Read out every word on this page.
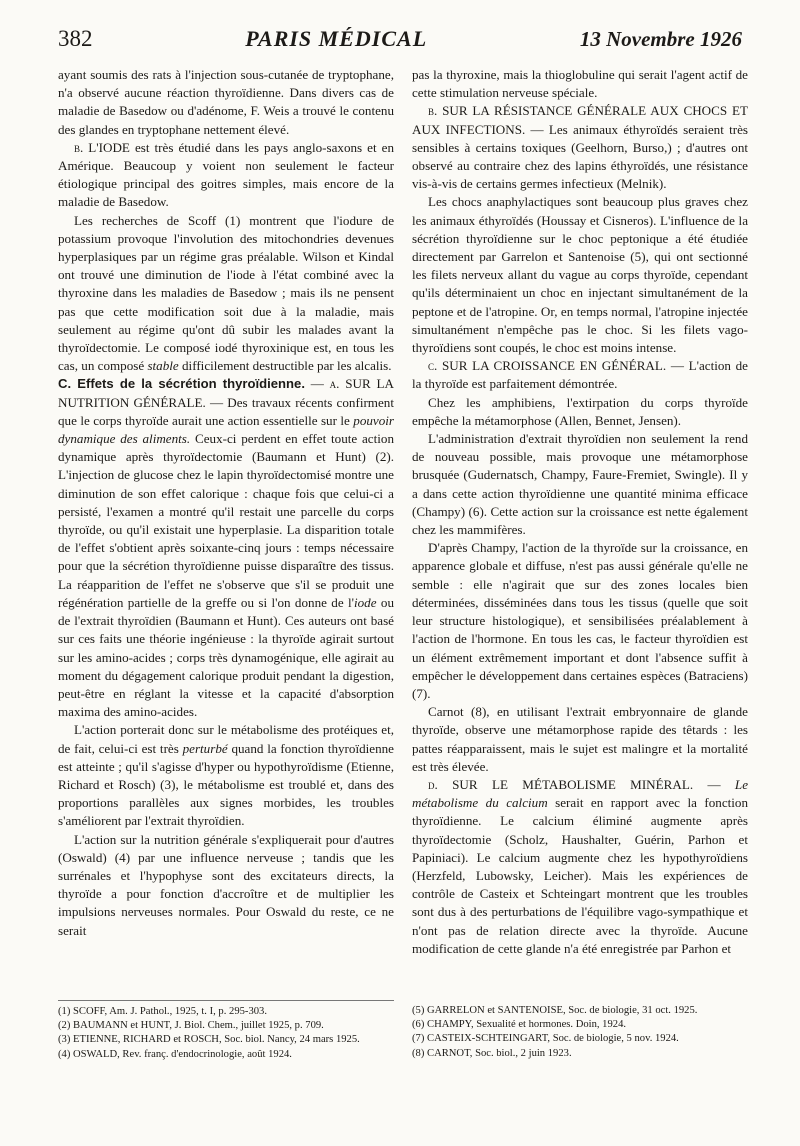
382	PARIS MÉDICAL	13 Novembre 1926

ayant soumis des rats à l'injection sous-cutanée de tryptophane, n'a observé aucune réaction thyroïdienne. Dans divers cas de maladie de Basedow ou d'adénome, F. Weis a trouvé le contenu des glandes en tryptophane nettement élevé.

b. L'IODE est très étudié dans les pays anglo-saxons et en Amérique. Beaucoup y voient non seulement le facteur étiologique principal des goitres simples, mais encore de la maladie de Basedow.

Les recherches de Scoff (1) montrent que l'iodure de potassium provoque l'involution des mitochondries devenues hyperplasiques par un régime gras préalable. Wilson et Kindal ont trouvé une diminution de l'iode à l'état combiné avec la thyroxine dans les maladies de Basedow ; mais ils ne pensent pas que cette modification soit due à la maladie, mais seulement au régime qu'ont dû subir les malades avant la thyroïdectomie. Le composé iodé thyroxinique est, en tous les cas, un composé stable difficilement destructible par les alcalis.

C. Effets de la sécrétion thyroïdienne. — a. SUR LA NUTRITION GÉNÉRALE. — Des travaux récents confirment que le corps thyroïde aurait une action essentielle sur le pouvoir dynamique des aliments. Ceux-ci perdent en effet toute action dynamique après thyroïdectomie (Baumann et Hunt) (2). L'injection de glucose chez le lapin thyroïdectomisé montre une diminution de son effet calorique : chaque fois que celui-ci a persisté, l'examen a montré qu'il restait une parcelle du corps thyroïde, ou qu'il existait une hyperplasie. La disparition totale de l'effet s'obtient après soixante-cinq jours : temps nécessaire pour que la sécrétion thyroïdienne puisse disparaître des tissus. La réapparition de l'effet ne s'observe que s'il se produit une régénération partielle de la greffe ou si l'on donne de l'iode ou de l'extrait thyroïdien (Baumann et Hunt). Ces auteurs ont basé sur ces faits une théorie ingénieuse : la thyroïde agirait surtout sur les amino-acides ; corps très dynamogénique, elle agirait au moment du dégagement calorique produit pendant la digestion, peut-être en réglant la vitesse et la capacité d'absorption maxima des amino-acides.

L'action porterait donc sur le métabolisme des protéiques et, de fait, celui-ci est très perturbé quand la fonction thyroïdienne est atteinte ; qu'il s'agisse d'hyper ou hypothyroïdisme (Etienne, Richard et Rosch) (3), le métabolisme est troublé et, dans des proportions parallèles aux signes morbides, les troubles s'améliorent par l'extrait thyroïdien.

L'action sur la nutrition générale s'expliquerait pour d'autres (Oswald) (4) par une influence nerveuse ; tandis que les surrénales et l'hypophyse sont des excitateurs directs, la thyroïde a pour fonction d'accroître et de multiplier les impulsions nerveuses normales. Pour Oswald du reste, ce ne serait

pas la thyroxine, mais la thioglobuline qui serait l'agent actif de cette stimulation nerveuse spéciale.

b. SUR LA RÉSISTANCE GÉNÉRALE AUX CHOCS ET AUX INFECTIONS. — Les animaux éthyroïdés seraient très sensibles à certains toxiques (Geelhorn, Burso,) ; d'autres ont observé au contraire chez des lapins éthyroïdés, une résistance vis-à-vis de certains germes infectieux (Melnik).

Les chocs anaphylactiques sont beaucoup plus graves chez les animaux éthyroïdés (Houssay et Cisneros). L'influence de la sécrétion thyroïdienne sur le choc peptonique a été étudiée directement par Garrelon et Santenoise (5), qui ont sectionné les filets nerveux allant du vague au corps thyroïde, cependant qu'ils déterminaient un choc en injectant simultanément de la peptone et de l'atropine. Or, en temps normal, l'atropine injectée simultanément n'empêche pas le choc. Si les filets vago-thyroïdiens sont coupés, le choc est moins intense.

c. SUR LA CROISSANCE EN GÉNÉRAL. — L'action de la thyroïde est parfaitement démontrée.

Chez les amphibiens, l'extirpation du corps thyroïde empêche la métamorphose (Allen, Bennet, Jensen).

L'administration d'extrait thyroïdien non seulement la rend de nouveau possible, mais provoque une métamorphose brusquée (Gudernatsch, Champy, Faure-Fremiet, Swingle). Il y a dans cette action thyroïdienne une quantité minima efficace (Champy) (6). Cette action sur la croissance est nette également chez les mammifères.

D'après Champy, l'action de la thyroïde sur la croissance, en apparence globale et diffuse, n'est pas aussi générale qu'elle ne semble : elle n'agirait que sur des zones locales bien déterminées, disséminées dans tous les tissus (quelle que soit leur structure histologique), et sensibilisées préalablement à l'action de l'hormone. En tous les cas, le facteur thyroïdien est un élément extrêmement important et dont l'absence suffit à empêcher le développement dans certaines espèces (Batraciens) (7).

Carnot (8), en utilisant l'extrait embryonnaire de glande thyroïde, observe une métamorphose rapide des têtards : les pattes réapparaissent, mais le sujet est malingre et la mortalité est très élevée.

d. SUR LE MÉTABOLISME MINÉRAL. — Le métabolisme du calcium serait en rapport avec la fonction thyroïdienne. Le calcium éliminé augmente après thyroïdectomie (Scholz, Haushalter, Guérin, Parhon et Papiniaci). Le calcium augmente chez les hypothyroïdiens (Herzfeld, Lubowsky, Leicher). Mais les expériences de contrôle de Casteix et Schteingart montrent que les troubles sont dus à des perturbations de l'équilibre vago-sympathique et n'ont pas de relation directe avec la thyroïde. Aucune modification de cette glande n'a été enregistrée par Parhon et

(1) SCOFF, Am. J. Pathol., 1925, t. I, p. 295-303.
(2) BAUMANN et HUNT, J. Biol. Chem., juillet 1925, p. 709.
(3) ETIENNE, RICHARD et ROSCH, Soc. biol. Nancy, 24 mars 1925.
(4) OSWALD, Rev. franç. d'endocrinologie, août 1924.
(5) GARRELON et SANTENOISE, Soc. de biologie, 31 oct. 1925.
(6) CHAMPY, Sexualité et hormones. Doin, 1924.
(7) CASTEIX-SCHTEINGART, Soc. de biologie, 5 nov. 1924.
(8) CARNOT, Soc. biol., 2 juin 1923.
